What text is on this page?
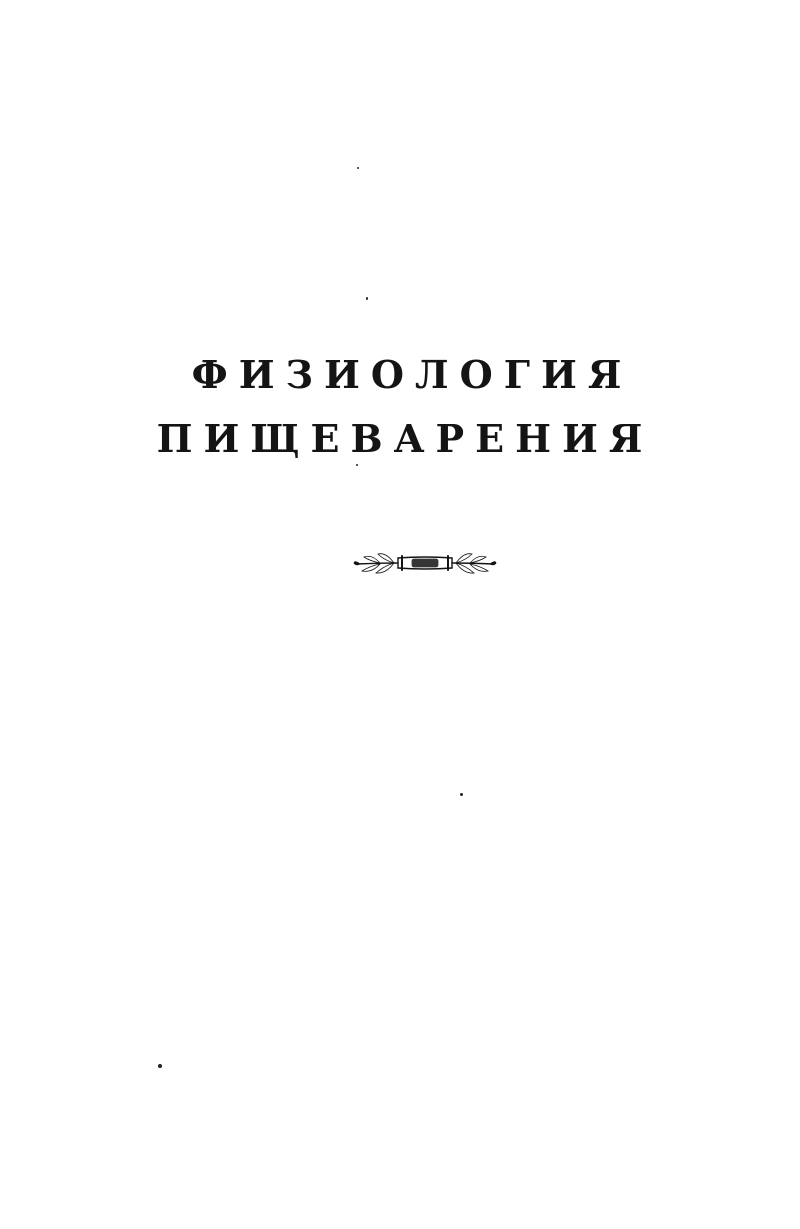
ФИЗИОЛОГИЯ
ПИЩЕВАРЕНИЯ
